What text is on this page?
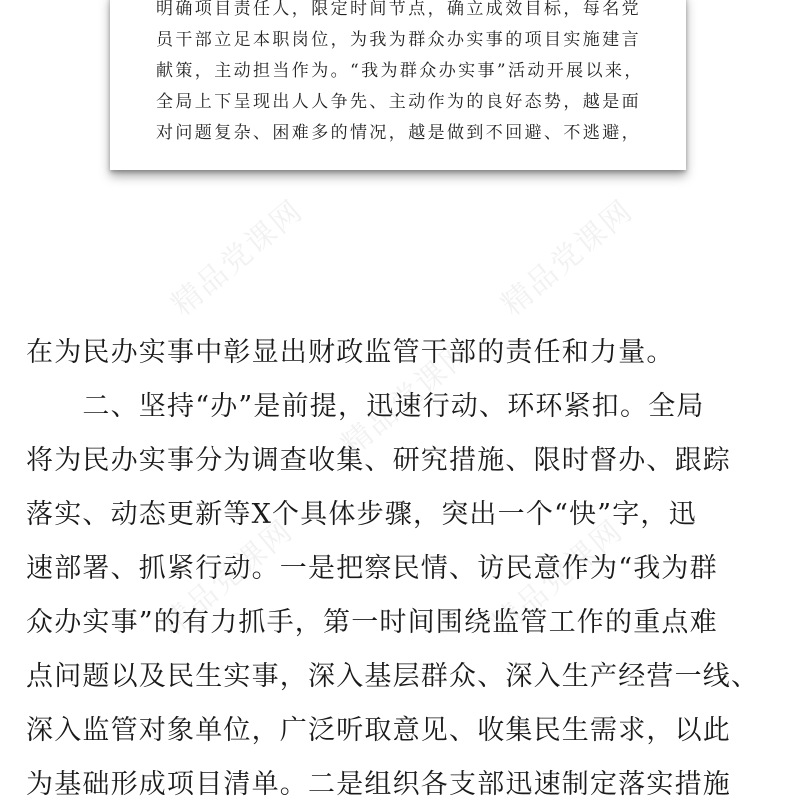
明确项目责任人，限定时间节点，确立成效目标，每名党
员干部立足本职岗位，为我为群众办实事的项目实施建言
献策，主动担当作为。“我为群众办实事”活动开展以来，
全局上下呈现出人人争先、主动作为的良好态势，越是面
对问题复杂、困难多的情况，越是做到不回避、不逃避，
精品党课网	精品党课网
精品党课网
精品党课网	精品党课网
在为民办实事中彰显出财政监管干部的责任和力量。
　　二、坚持“办”是前提，迅速行动、环环紧扣。全局
将为民办实事分为调查收集、研究措施、限时督办、跟踪
落实、动态更新等X个具体步骤，突出一个“快”字，迅
速部署、抓紧行动。一是把察民情、访民意作为“我为群
众办实事”的有力抓手，第一时间围绕监管工作的重点难
点问题以及民生实事，深入基层群众、深入生产经营一线、
深入监管对象单位，广泛听取意见、收集民生需求，以此
为基础形成项目清单。二是组织各支部迅速制定落实措施
